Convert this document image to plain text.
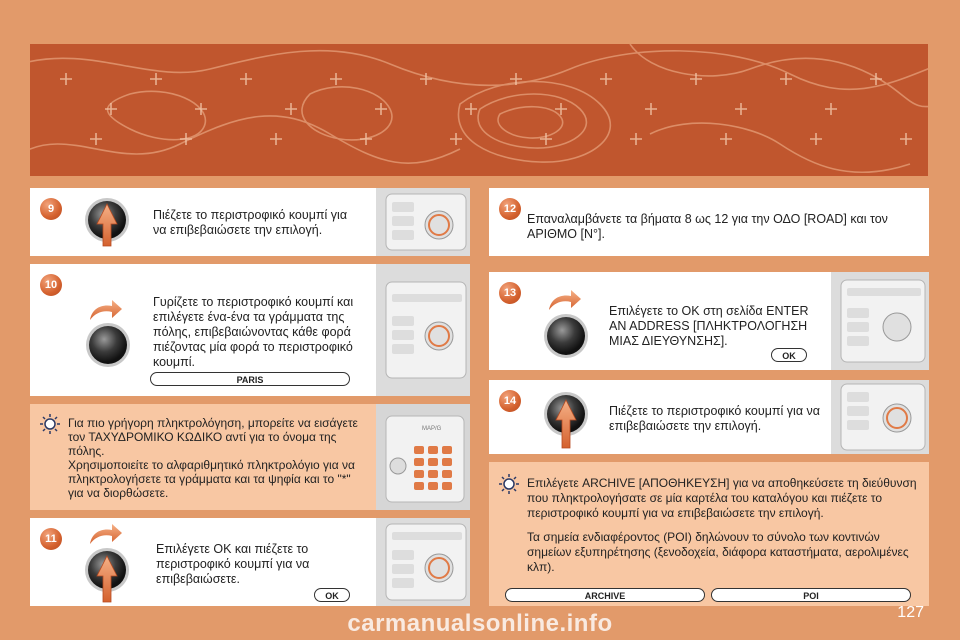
9	Πιέζετε το περιστροφικό κουμπί για να επιβεβαιώσετε την επιλογή.
10
Γυρίζετε το περιστροφικό κουμπί και επιλέγετε ένα-ένα τα γράμματα της πόλης, επιβεβαιώνοντας κάθε φορά πιέζοντας μία φορά το περιστροφικό κουμπί.
PARIS
Για πιο γρήγορη πληκτρολόγηση, μπορείτε να εισάγετε τον ΤΑΧΥΔΡΟΜΙΚΟ ΚΩΔΙΚΟ αντί για το όνομα της πόλης.
Χρησιμοποιείτε το αλφαριθμητικό πληκτρολόγιο για να πληκτρολογήσετε τα γράμματα και τα ψηφία και το "*" για να διορθώσετε.
MAP/G
11
Επιλέγετε ΟΚ και πιέζετε το περιστροφικό κουμπί για να επιβεβαιώσετε.
OK
12
Επαναλαμβάνετε τα βήματα 8 ως 12 για την ΟΔΟ [ROAD] και τον ΑΡΙΘΜΟ [N°].
13
Επιλέγετε το ΟΚ στη σελίδα ENTER AN ADDRESS [ΠΛΗΚΤΡΟΛΟΓΗΣΗ ΜΙΑΣ ΔΙΕΥΘΥΝΣΗΣ].
OK
14
Πιέζετε το περιστροφικό κουμπί για να επιβεβαιώσετε την επιλογή.
Επιλέγετε ARCHIVE [ΑΠΟΘΗΚΕΥΣΗ] για να αποθηκεύσετε τη διεύθυνση που πληκτρολογήσατε σε μία καρτέλα του καταλόγου και πιέζετε το περιστροφικό κουμπί για να επιβεβαιώσετε την επιλογή.
Τα σημεία ενδιαφέροντος (POI) δηλώνουν το σύνολο των κοντινών σημείων εξυπηρέτησης (ξενοδοχεία, διάφορα καταστήματα, αερολιμένες κλπ).
ARCHIVE	POI
127
carmanualsonline.info
